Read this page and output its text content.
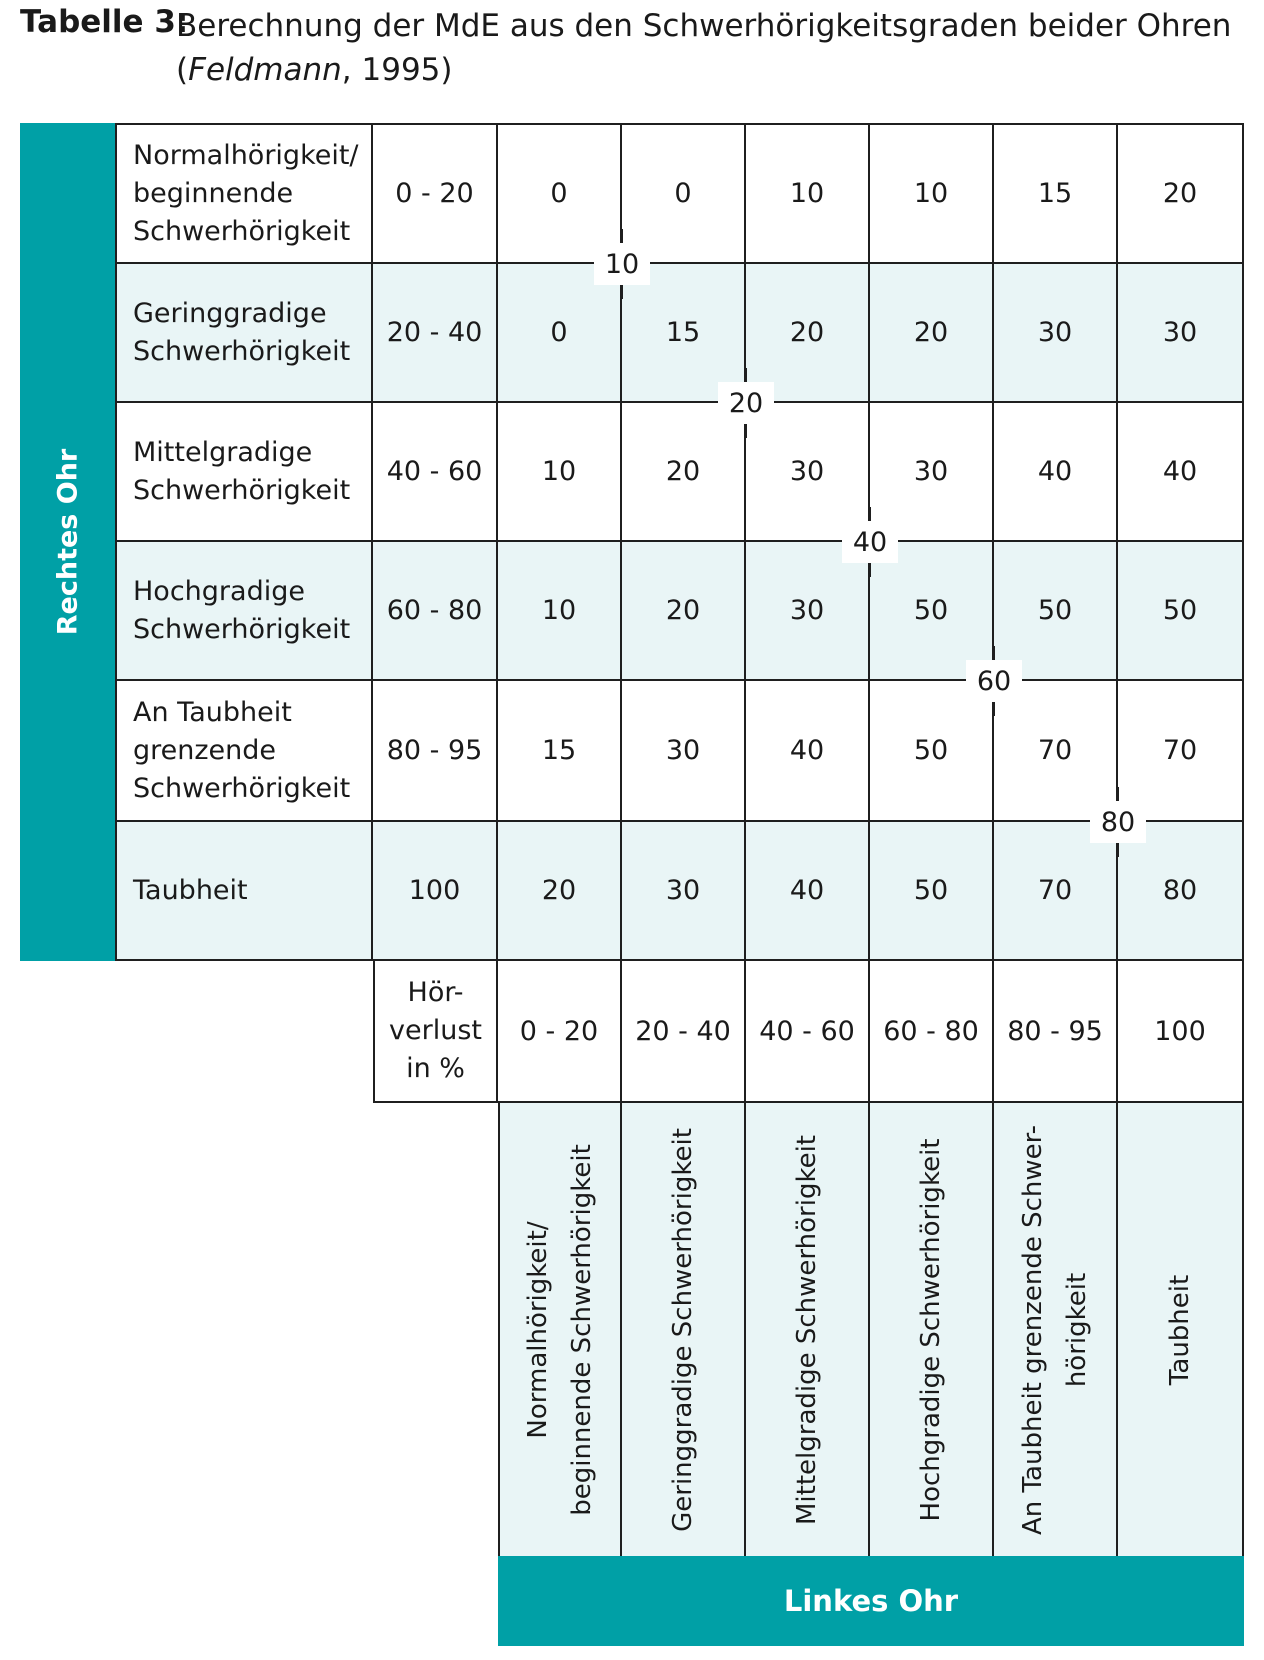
Tabelle 3:
Berechnung der MdE aus den Schwerhörigkeitsgraden beider Ohren
(Feldmann, 1995)
Rechtes Ohr
Linkes Ohr
Normalhörigkeit/
beginnende
Schwerhörigkeit
0 - 20	0	0	10	10	15	20
Geringgradige
Schwerhörigkeit
20 - 40	0	15	20	20	30	30
Mittelgradige
Schwerhörigkeit
40 - 60	10	20	30	30	40	40
Hochgradige
Schwerhörigkeit
60 - 80	10	20	30	50	50	50
An Taubheit
grenzende
Schwerhörigkeit
80 - 95	15	30	40	50	70	70
Taubheit	100	20	30	40	50	70	80
Hör-
verlust
in %
0 - 20	20 - 40	40 - 60	60 - 80	80 - 95	100
Normalhörigkeit/
beginnende Schwerhörigkeit	Geringgradige Schwerhörigkeit	Mittelgradige Schwerhörigkeit	Hochgradige Schwerhörigkeit	An Taubheit grenzende Schwer-
hörigkeit	Taubheit
10
20
40
60
80
